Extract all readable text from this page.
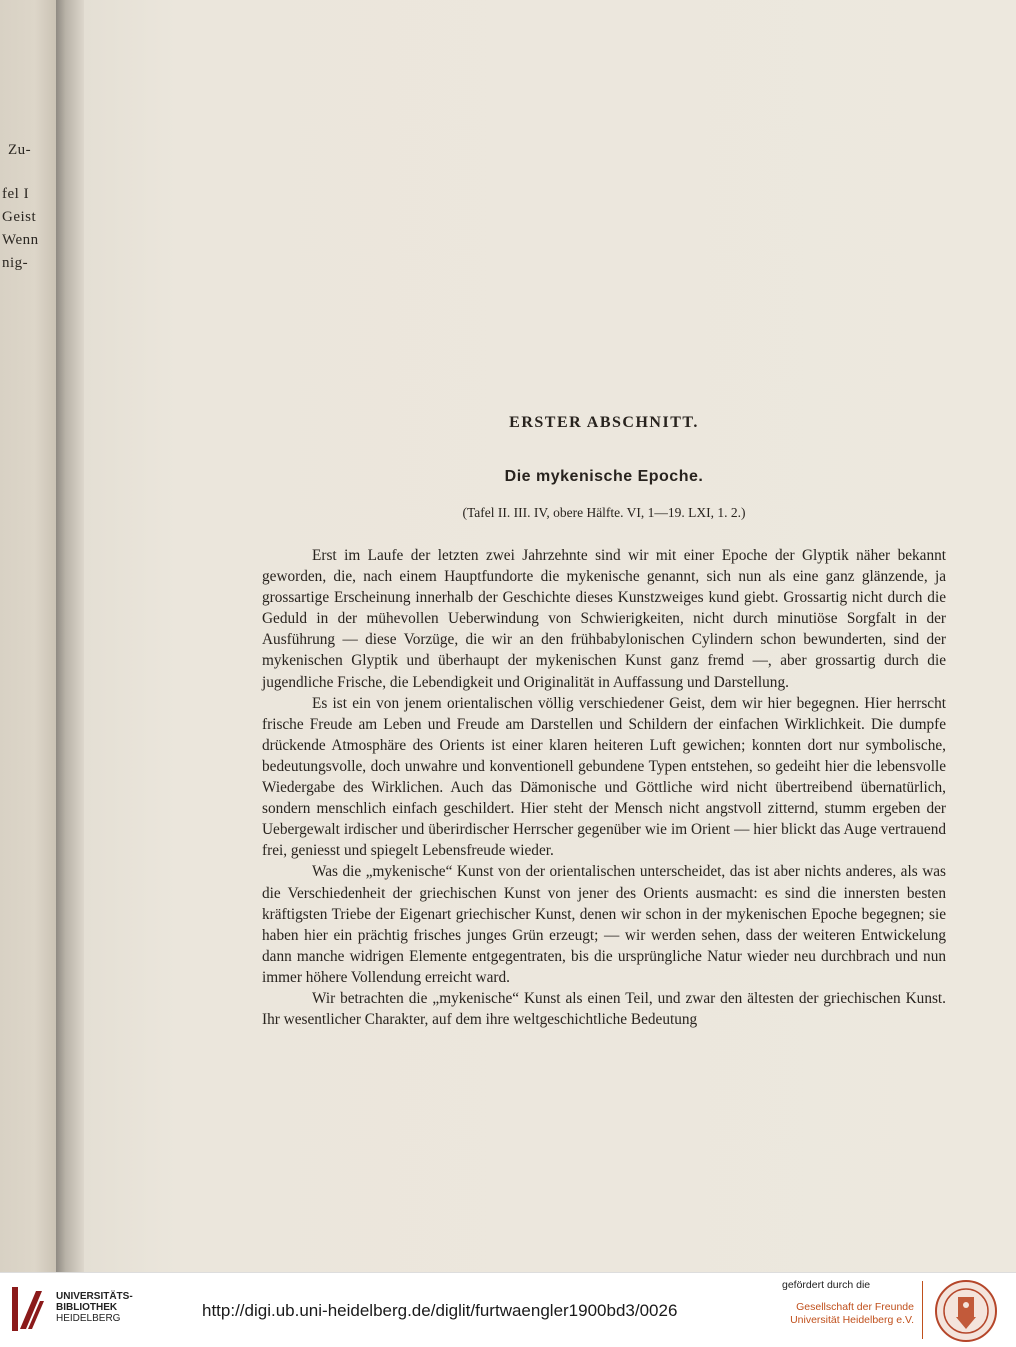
Zu-
fel I
Geist
Wenn
nig-
ERSTER ABSCHNITT.
Die mykenische Epoche.

(Tafel II. III. IV, obere Hälfte. VI, 1—19. LXI, 1. 2.)

Erst im Laufe der letzten zwei Jahrzehnte sind wir mit einer Epoche der Glyptik näher bekannt geworden, die, nach einem Hauptfundorte die mykenische genannt, sich nun als eine ganz glänzende, ja grossartige Erscheinung innerhalb der Geschichte dieses Kunstzweiges kund giebt. Grossartig nicht durch die Geduld in der mühevollen Ueberwindung von Schwierigkeiten, nicht durch minutiöse Sorgfalt in der Ausführung — diese Vorzüge, die wir an den frühbabylonischen Cylindern schon bewunderten, sind der mykenischen Glyptik und überhaupt der mykenischen Kunst ganz fremd —, aber grossartig durch die jugendliche Frische, die Lebendigkeit und Originalität in Auffassung und Darstellung.

Es ist ein von jenem orientalischen völlig verschiedener Geist, dem wir hier begegnen. Hier herrscht frische Freude am Leben und Freude am Darstellen und Schildern der einfachen Wirklichkeit. Die dumpfe drückende Atmosphäre des Orients ist einer klaren heiteren Luft gewichen; konnten dort nur symbolische, bedeutungsvolle, doch unwahre und konventionell gebundene Typen entstehen, so gedeiht hier die lebensvolle Wiedergabe des Wirklichen. Auch das Dämonische und Göttliche wird nicht übertreibend übernatürlich, sondern menschlich einfach geschildert. Hier steht der Mensch nicht angstvoll zitternd, stumm ergeben der Uebergewalt irdischer und überirdischer Herrscher gegenüber wie im Orient — hier blickt das Auge vertrauend frei, geniesst und spiegelt Lebensfreude wieder.

Was die „mykenische“ Kunst von der orientalischen unterscheidet, das ist aber nichts anderes, als was die Verschiedenheit der griechischen Kunst von jener des Orients ausmacht: es sind die innersten besten kräftigsten Triebe der Eigenart griechischer Kunst, denen wir schon in der mykenischen Epoche begegnen; sie haben hier ein prächtig frisches junges Grün erzeugt; — wir werden sehen, dass der weiteren Entwickelung dann manche widrigen Elemente entgegentraten, bis die ursprüngliche Natur wieder neu durchbrach und nun immer höhere Vollendung erreicht ward.

Wir betrachten die „mykenische“ Kunst als einen Teil, und zwar den ältesten der griechischen Kunst. Ihr wesentlicher Charakter, auf dem ihre weltgeschichtliche Bedeutung

UNIVERSITÄTS-
BIBLIOTHEK
HEIDELBERG	http://digi.ub.uni-heidelberg.de/diglit/furtwaengler1900bd3/0026
gefördert durch die
Gesellschaft der Freunde
Universität Heidelberg e.V.
